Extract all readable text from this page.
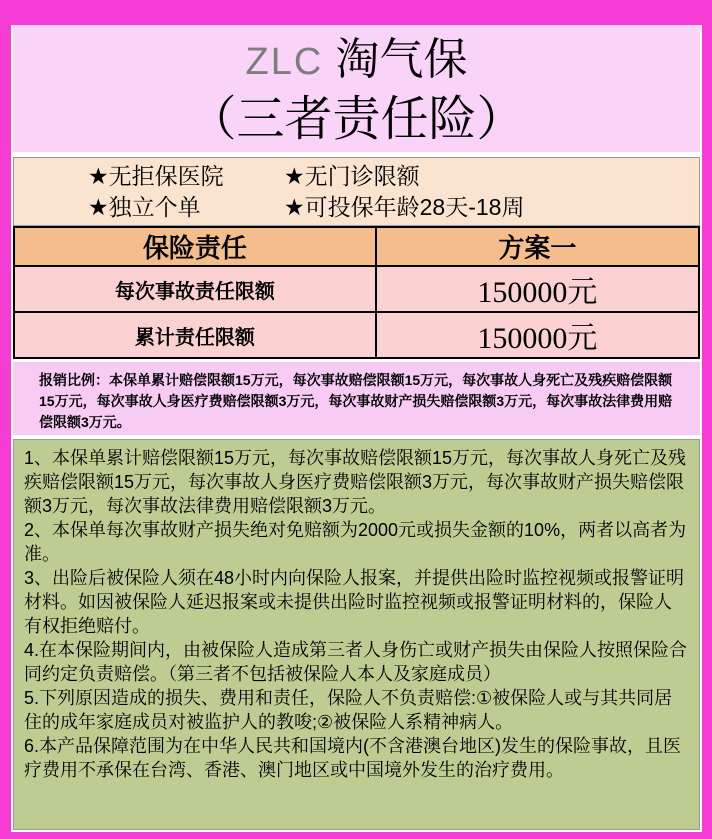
ZLC 淘气保
（三者责任险）
★无拒保医院	★无门诊限额
★独立个单	★可投保年龄28天-18周
保险责任	方案一
每次事故责任限额	150000元
累计责任限额	150000元
报销比例：本保单累计赔偿限额15万元，每次事故赔偿限额15万元，每次事故人身死亡及残疾赔偿限额15万元，每次事故人身医疗费赔偿限额3万元，每次事故财产损失赔偿限额3万元，每次事故法律费用赔偿限额3万元。

1、本保单累计赔偿限额15万元，每次事故赔偿限额15万元，每次事故人身死亡及残疾赔偿限额15万元，每次事故人身医疗费赔偿限额3万元，每次事故财产损失赔偿限额3万元，每次事故法律费用赔偿限额3万元。

2、本保单每次事故财产损失绝对免赔额为2000元或损失金额的10%，两者以高者为准。

3、出险后被保险人须在48小时内向保险人报案，并提供出险时监控视频或报警证明材料。如因被保险人延迟报案或未提供出险时监控视频或报警证明材料的，保险人有权拒绝赔付。

4.在本保险期间内，由被保险人造成第三者人身伤亡或财产损失由保险人按照保险合同约定负责赔偿。（第三者不包括被保险人本人及家庭成员）

5.下列原因造成的损失、费用和责任，保险人不负责赔偿:①被保险人或与其共同居住的成年家庭成员对被监护人的教唆;②被保险人系精神病人。

6.本产品保障范围为在中华人民共和国境内(不含港澳台地区)发生的保险事故，且医疗费用不承保在台湾、香港、澳门地区或中国境外发生的治疗费用。
